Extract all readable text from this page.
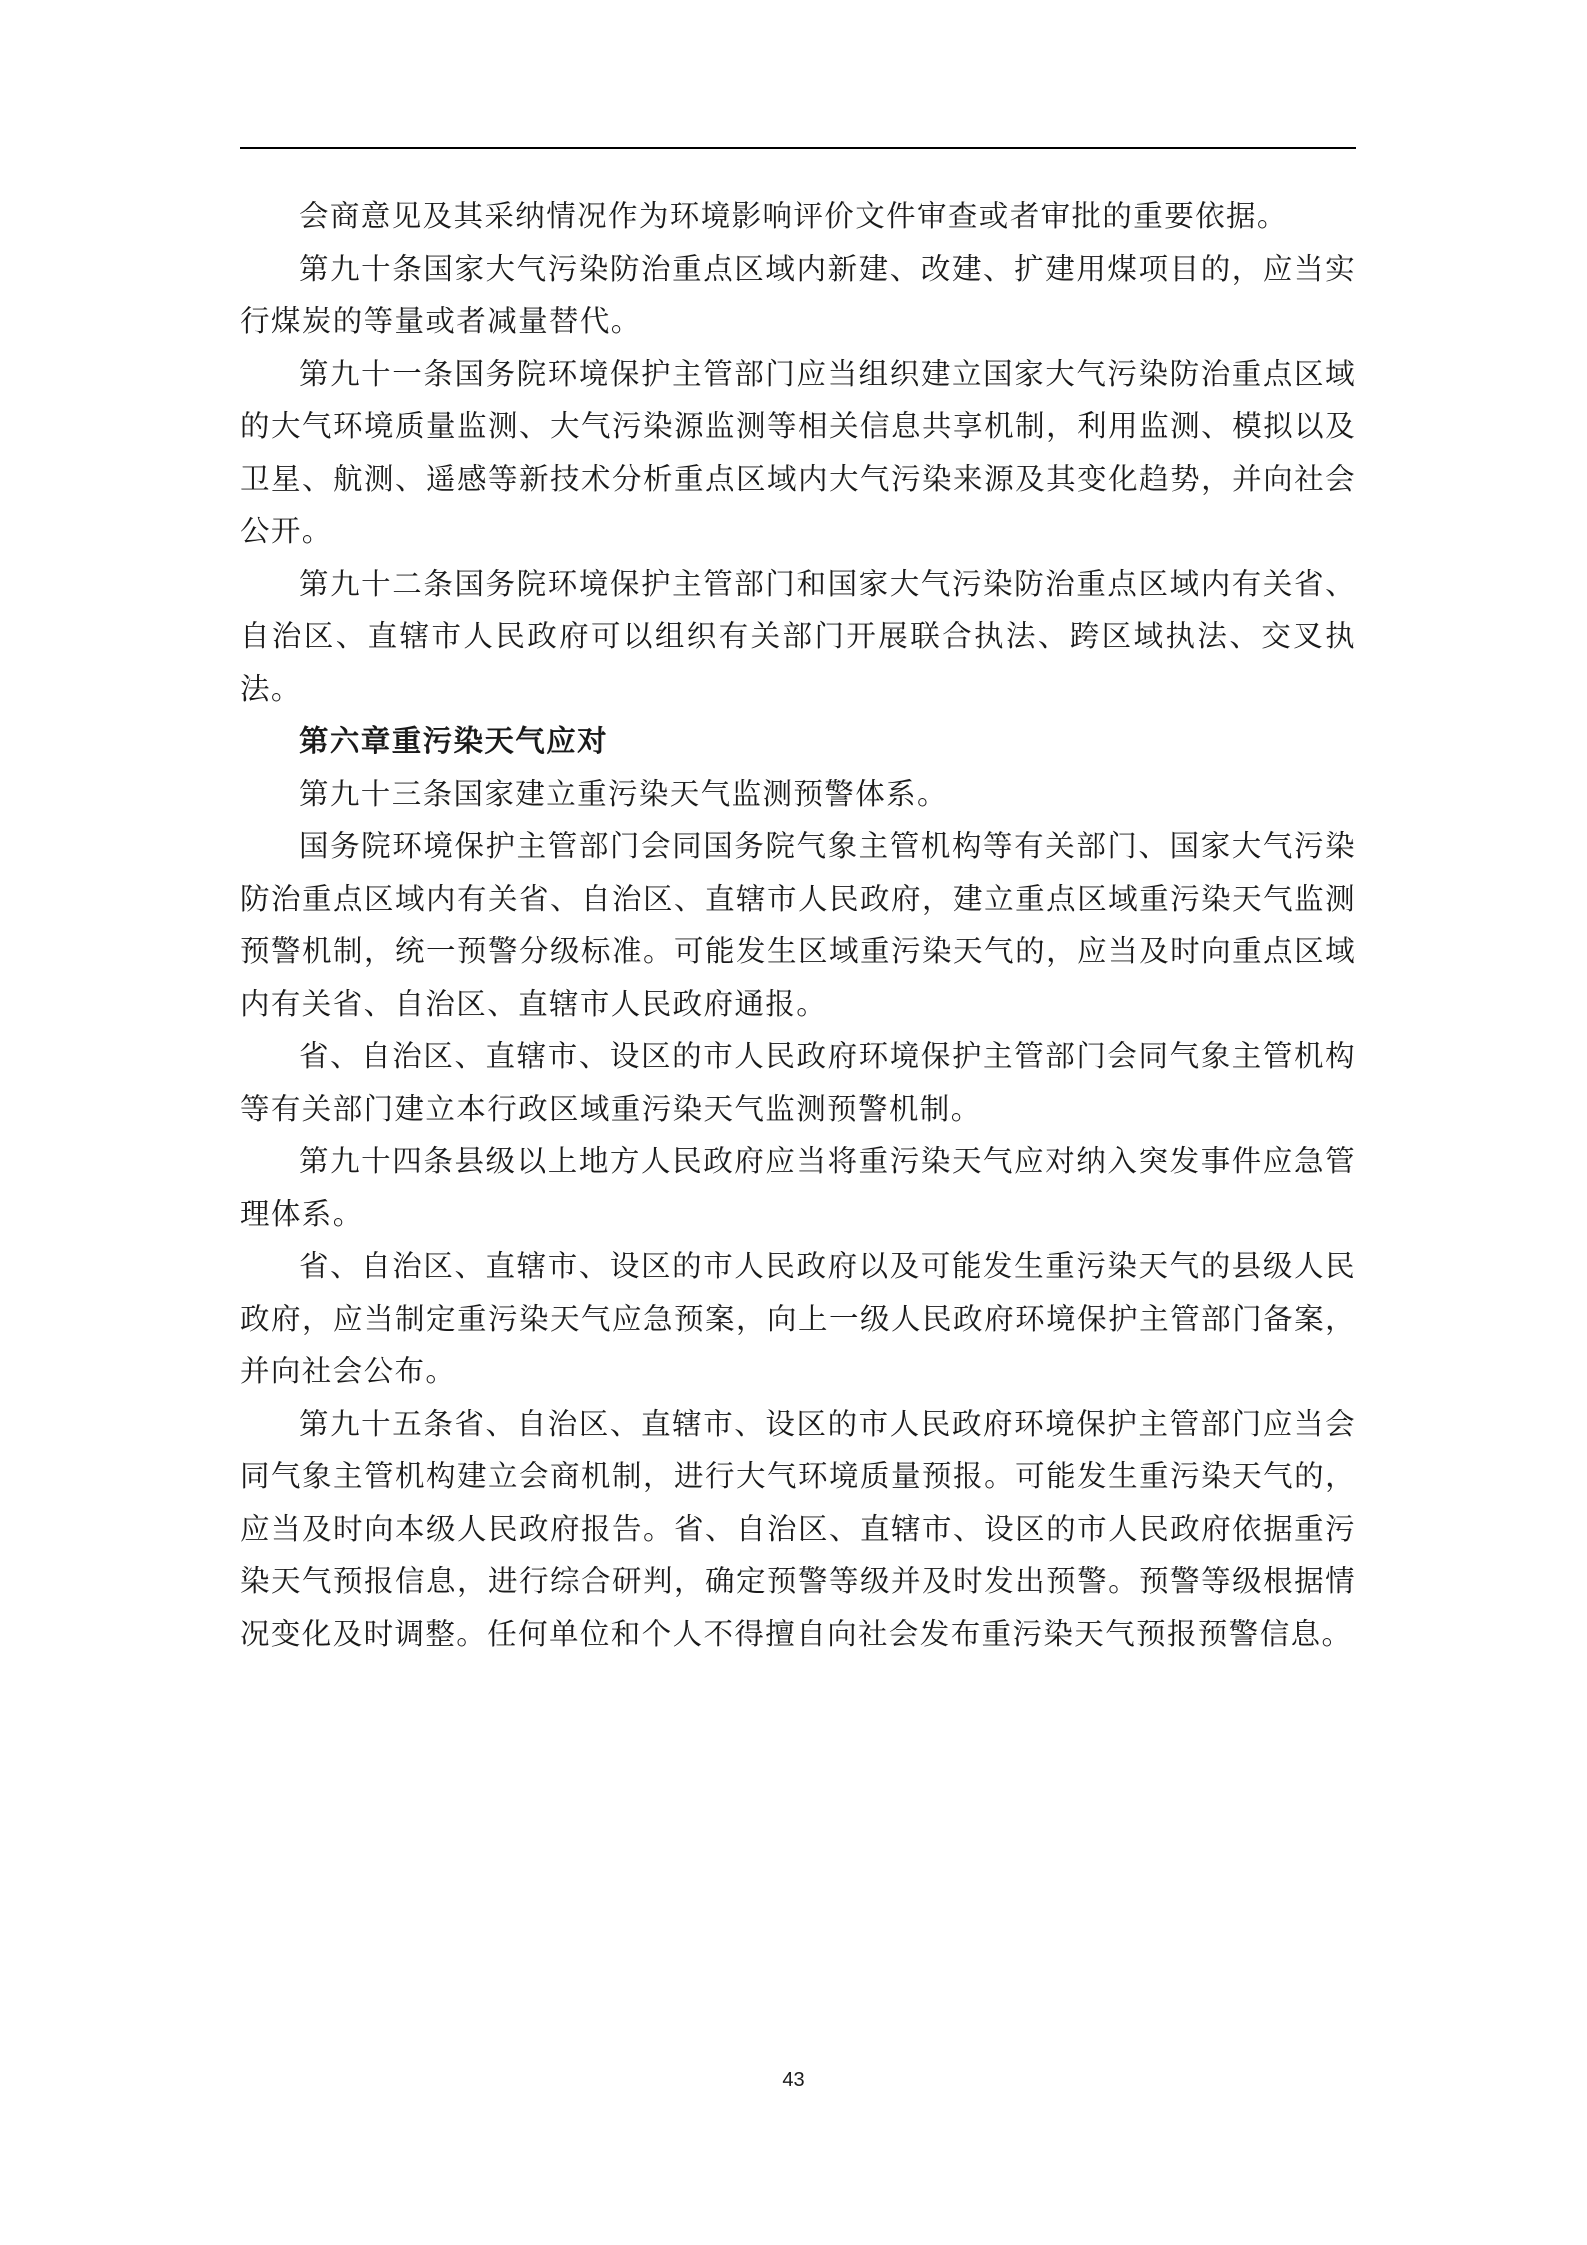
会商意见及其采纳情况作为环境影响评价文件审查或者审批的重要依据。

第九十条国家大气污染防治重点区域内新建、改建、扩建用煤项目的，应当实行煤炭的等量或者减量替代。

第九十一条国务院环境保护主管部门应当组织建立国家大气污染防治重点区域的大气环境质量监测、大气污染源监测等相关信息共享机制，利用监测、模拟以及卫星、航测、遥感等新技术分析重点区域内大气污染来源及其变化趋势，并向社会公开。

第九十二条国务院环境保护主管部门和国家大气污染防治重点区域内有关省、自治区、直辖市人民政府可以组织有关部门开展联合执法、跨区域执法、交叉执法。

第六章重污染天气应对

第九十三条国家建立重污染天气监测预警体系。

国务院环境保护主管部门会同国务院气象主管机构等有关部门、国家大气污染防治重点区域内有关省、自治区、直辖市人民政府，建立重点区域重污染天气监测预警机制，统一预警分级标准。可能发生区域重污染天气的，应当及时向重点区域内有关省、自治区、直辖市人民政府通报。

省、自治区、直辖市、设区的市人民政府环境保护主管部门会同气象主管机构等有关部门建立本行政区域重污染天气监测预警机制。

第九十四条县级以上地方人民政府应当将重污染天气应对纳入突发事件应急管理体系。

省、自治区、直辖市、设区的市人民政府以及可能发生重污染天气的县级人民政府，应当制定重污染天气应急预案，向上一级人民政府环境保护主管部门备案，并向社会公布。

第九十五条省、自治区、直辖市、设区的市人民政府环境保护主管部门应当会同气象主管机构建立会商机制，进行大气环境质量预报。可能发生重污染天气的，应当及时向本级人民政府报告。省、自治区、直辖市、设区的市人民政府依据重污染天气预报信息，进行综合研判，确定预警等级并及时发出预警。预警等级根据情况变化及时调整。任何单位和个人不得擅自向社会发布重污染天气预报预警信息。

43
